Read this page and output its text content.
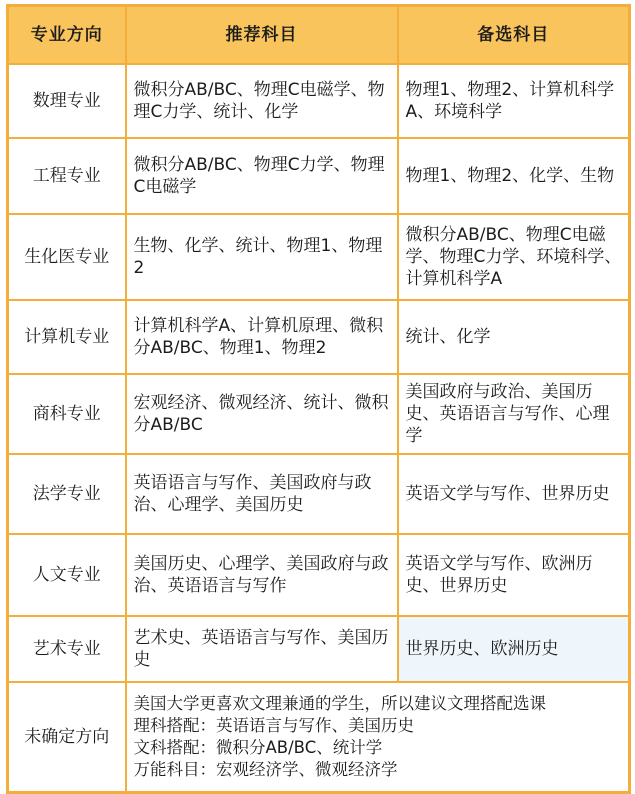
专业方向	推荐科目	备选科目
数理专业	微积分AB/BC、物理C电磁学、物理C力学、统计、化学	物理1、物理2、计算机科学A、环境科学
工程专业	微积分AB/BC、物理C力学、物理C电磁学	物理1、物理2、化学、生物
生化医专业	生物、化学、统计、物理1、物理2	微积分AB/BC、物理C电磁学、物理C力学、环境科学、计算机科学A
计算机专业	计算机科学A、计算机原理、微积分AB/BC、物理1、物理2	统计、化学
商科专业	宏观经济、微观经济、统计、微积分AB/BC	美国政府与政治、美国历史、英语语言与写作、心理学
法学专业	英语语言与写作、美国政府与政治、心理学、美国历史	英语文学与写作、世界历史
人文专业	美国历史、心理学、美国政府与政治、英语语言与写作	英语文学与写作、欧洲历史、世界历史
艺术专业	艺术史、英语语言与写作、美国历史	世界历史、欧洲历史
未确定方向	美国大学更喜欢文理兼通的学生，所以建议文理搭配选课
理科搭配：英语语言与写作、美国历史
文科搭配：微积分AB/BC、统计学
万能科目：宏观经济学、微观经济学	
